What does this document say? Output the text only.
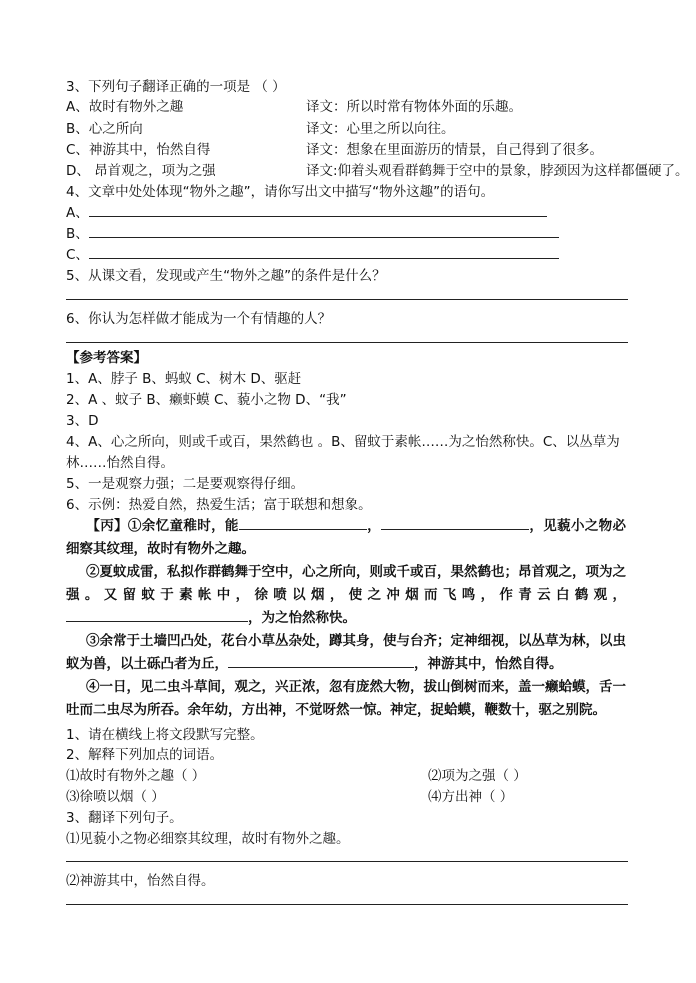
3、下列句子翻译正确的一项是 （ ）
A、故时有物外之趣	译文：所以时常有物体外面的乐趣。
B、心之所向	译文：心里之所以向往。
C、神游其中，怡然自得	译文：想象在里面游历的情景，自己得到了很多。
D、 昂首观之，项为之强	译文:仰着头观看群鹤舞于空中的景象，脖颈因为这样都僵硬了。
4、文章中处处体现“物外之趣”，请你写出文中描写“物外这趣”的语句。
A、
B、
C、
5、从课文看，发现或产生“物外之趣”的条件是什么？
6、你认为怎样做才能成为一个有情趣的人？
【参考答案】
1、A、脖子 B、蚂蚁 C、树木 D、驱赶
2、A 、蚊子 B、癞虾蟆 C、藐小之物 D、“我”
3、D
4、A、心之所向，则或千或百，果然鹤也 。B、留蚊于素帐……为之怡然称快。C、以丛草为林……怡然自得。
5、一是观察力强；二是要观察得仔细。
6、示例：热爱自然，热爱生活；富于联想和想象。
【丙】①余忆童稚时，能	，	，见藐小之物必细察其纹理，故时有物外之趣。
②夏蚊成雷，私拟作群鹤舞于空中，心之所向，则或千或百，果然鹤也；昂首观之，项为之强。又留蚊于素帐中，徐喷以烟，使之冲烟而飞鸣，作青云白鹤观，，为之怡然称快。
③余常于土墙凹凸处，花台小草丛杂处，蹲其身，使与台齐；定神细视，以丛草为林，以虫蚁为兽，以土砾凸者为丘，	，神游其中，怡然自得。
④一日，见二虫斗草间，观之，兴正浓，忽有庞然大物，拔山倒树而来，盖一癞蛤蟆，舌一吐而二虫尽为所吞。余年幼，方出神，不觉呀然一惊。神定，捉蛤蟆，鞭数十，驱之别院。
1、请在横线上将文段默写完整。
2、解释下列加点的词语。
⑴故时有物外之趣（ ）	⑵项为之强（ ）
⑶徐喷以烟（ ）	⑷方出神（ ）
3、翻译下列句子。
⑴见藐小之物必细察其纹理，故时有物外之趣。
⑵神游其中，怡然自得。
